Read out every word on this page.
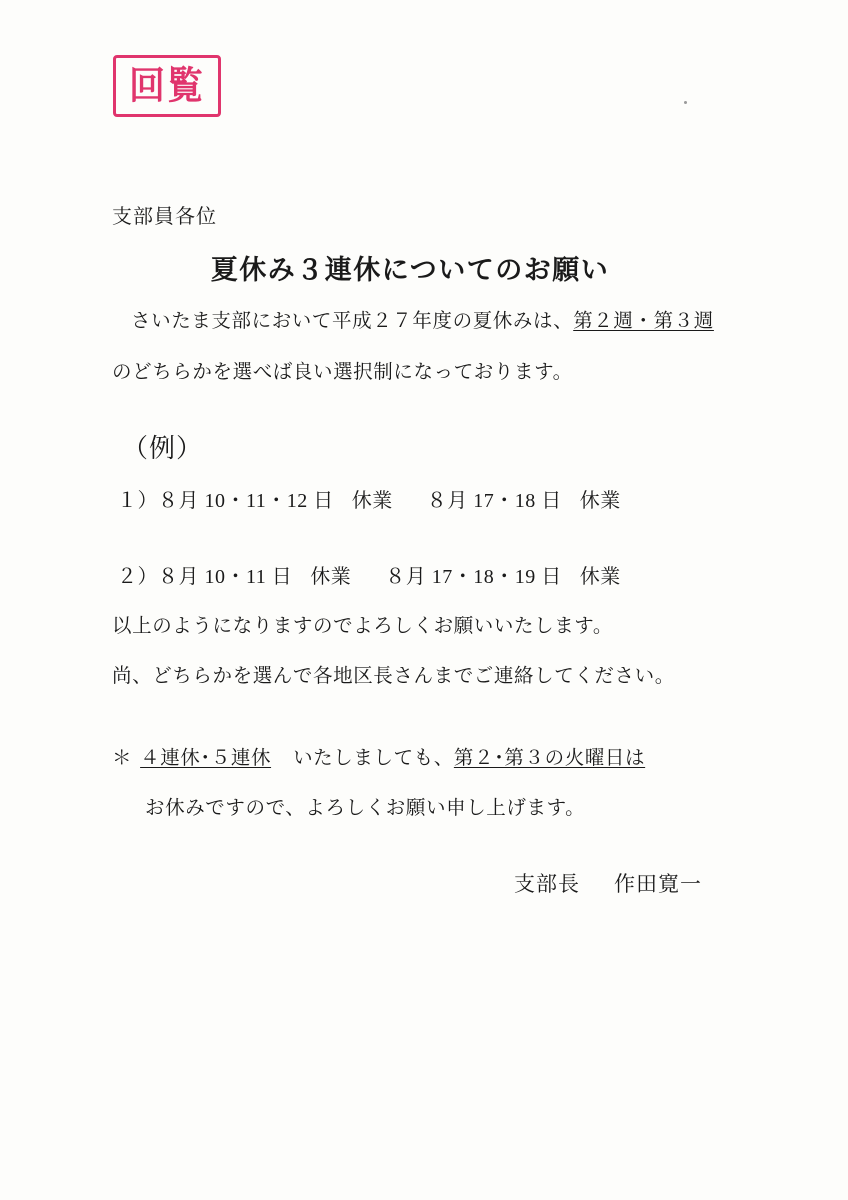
回覧
支部員各位
夏休み３連休についてのお願い
さいたま支部において平成２７年度の夏休みは、第２週・第３週
のどちらかを選べば良い選択制になっております。
（例）
１）８月 10・11・12 日 休業 ８月 17・18 日 休業
２）８月 10・11 日 休業 ８月 17・18・19 日 休業
以上のようになりますのでよろしくお願いいたします。
尚、どちらかを選んで各地区長さんまでご連絡してください。
＊ ４連休･５連休 いたしましても、第２･第３の火曜日は
お休みですので、よろしくお願い申し上げます。
支部長 作田寛一
